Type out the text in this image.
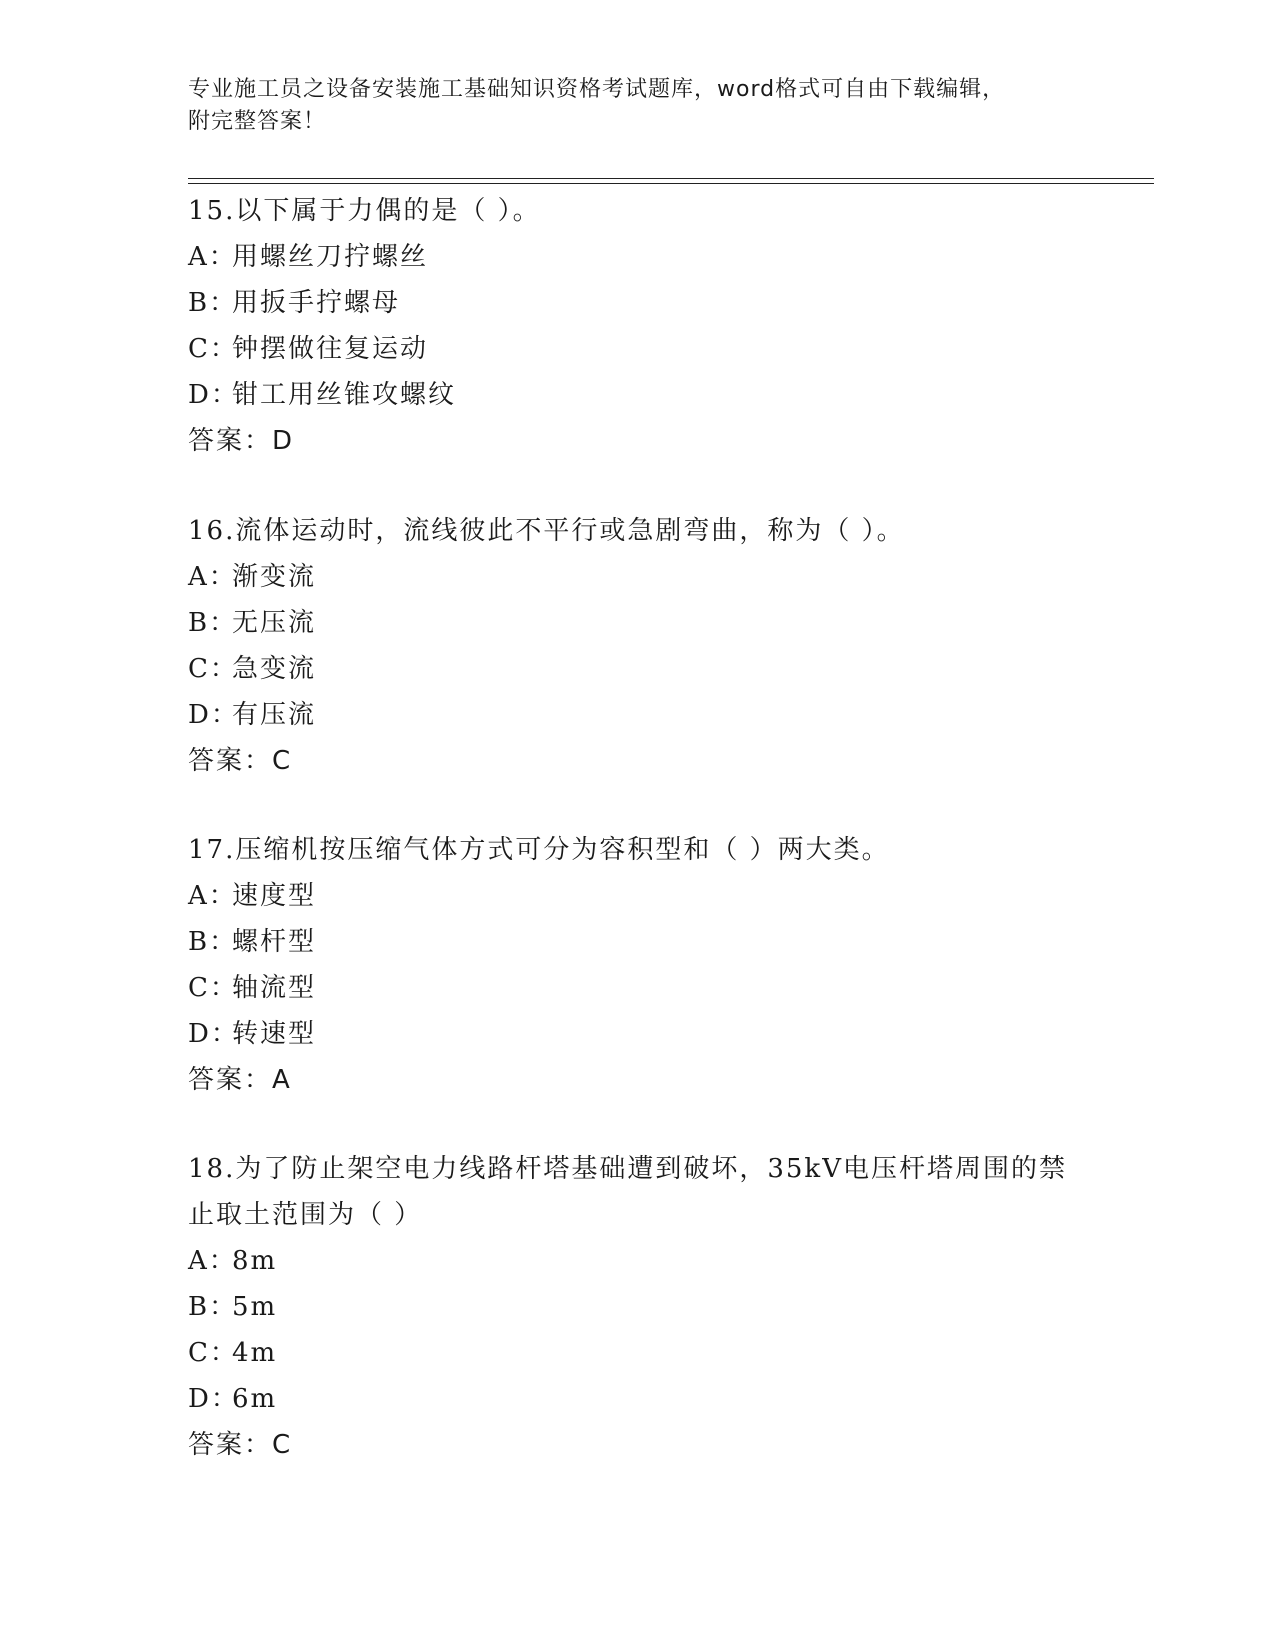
专业施工员之设备安装施工基础知识资格考试题库，word格式可自由下载编辑，
附完整答案！
15.以下属于力偶的是（ ）。
A：
用螺丝刀拧螺丝
B：
用扳手拧螺母
C：
钟摆做往复运动
D：
钳工用丝锥攻螺纹
答案：D
16.流体运动时，流线彼此不平行或急剧弯曲，称为（ ）。
A：
渐变流
B：
无压流
C：
急变流
D：
有压流
答案：C
17.压缩机按压缩气体方式可分为容积型和（ ）两大类。
A：
速度型
B：
螺杆型
C：
轴流型
D：
转速型
答案：A
18.为了防止架空电力线路杆塔基础遭到破坏，35kV电压杆塔周围的禁
止取土范围为（ ）
A：
8m
B：
5m
C：
4m
D：
6m
答案：C
